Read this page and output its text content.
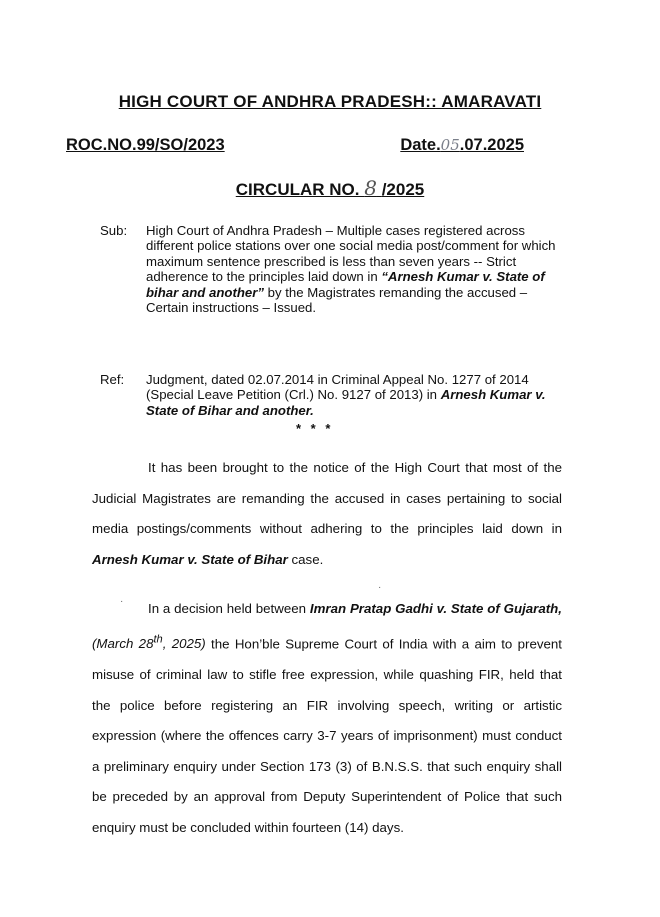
HIGH COURT OF ANDHRA PRADESH:: AMARAVATI
ROC.NO.99/SO/2023	Date.05.07.2025
CIRCULAR NO. 8 /2025
Sub: High Court of Andhra Pradesh – Multiple cases registered across different police stations over one social media post/comment for which maximum sentence prescribed is less than seven years -- Strict adherence to the principles laid down in “Arnesh Kumar v. State of bihar and another” by the Magistrates remanding the accused – Certain instructions – Issued.
Ref: Judgment, dated 02.07.2014 in Criminal Appeal No. 1277 of 2014 (Special Leave Petition (Crl.) No. 9127 of 2013) in Arnesh Kumar v. State of Bihar and another.
* * *

It has been brought to the notice of the High Court that most of the Judicial Magistrates are remanding the accused in cases pertaining to social media postings/comments without adhering to the principles laid down in Arnesh Kumar v. State of Bihar case.

In a decision held between Imran Pratap Gadhi v. State of Gujarath, (March 28th, 2025) the Hon’ble Supreme Court of India with a aim to prevent misuse of criminal law to stifle free expression, while quashing FIR, held that the police before registering an FIR involving speech, writing or artistic expression (where the offences carry 3-7 years of imprisonment) must conduct a preliminary enquiry under Section 173 (3) of B.N.S.S. that such enquiry shall be preceded by an approval from Deputy Superintendent of Police that such enquiry must be concluded within fourteen (14) days.

·
·
